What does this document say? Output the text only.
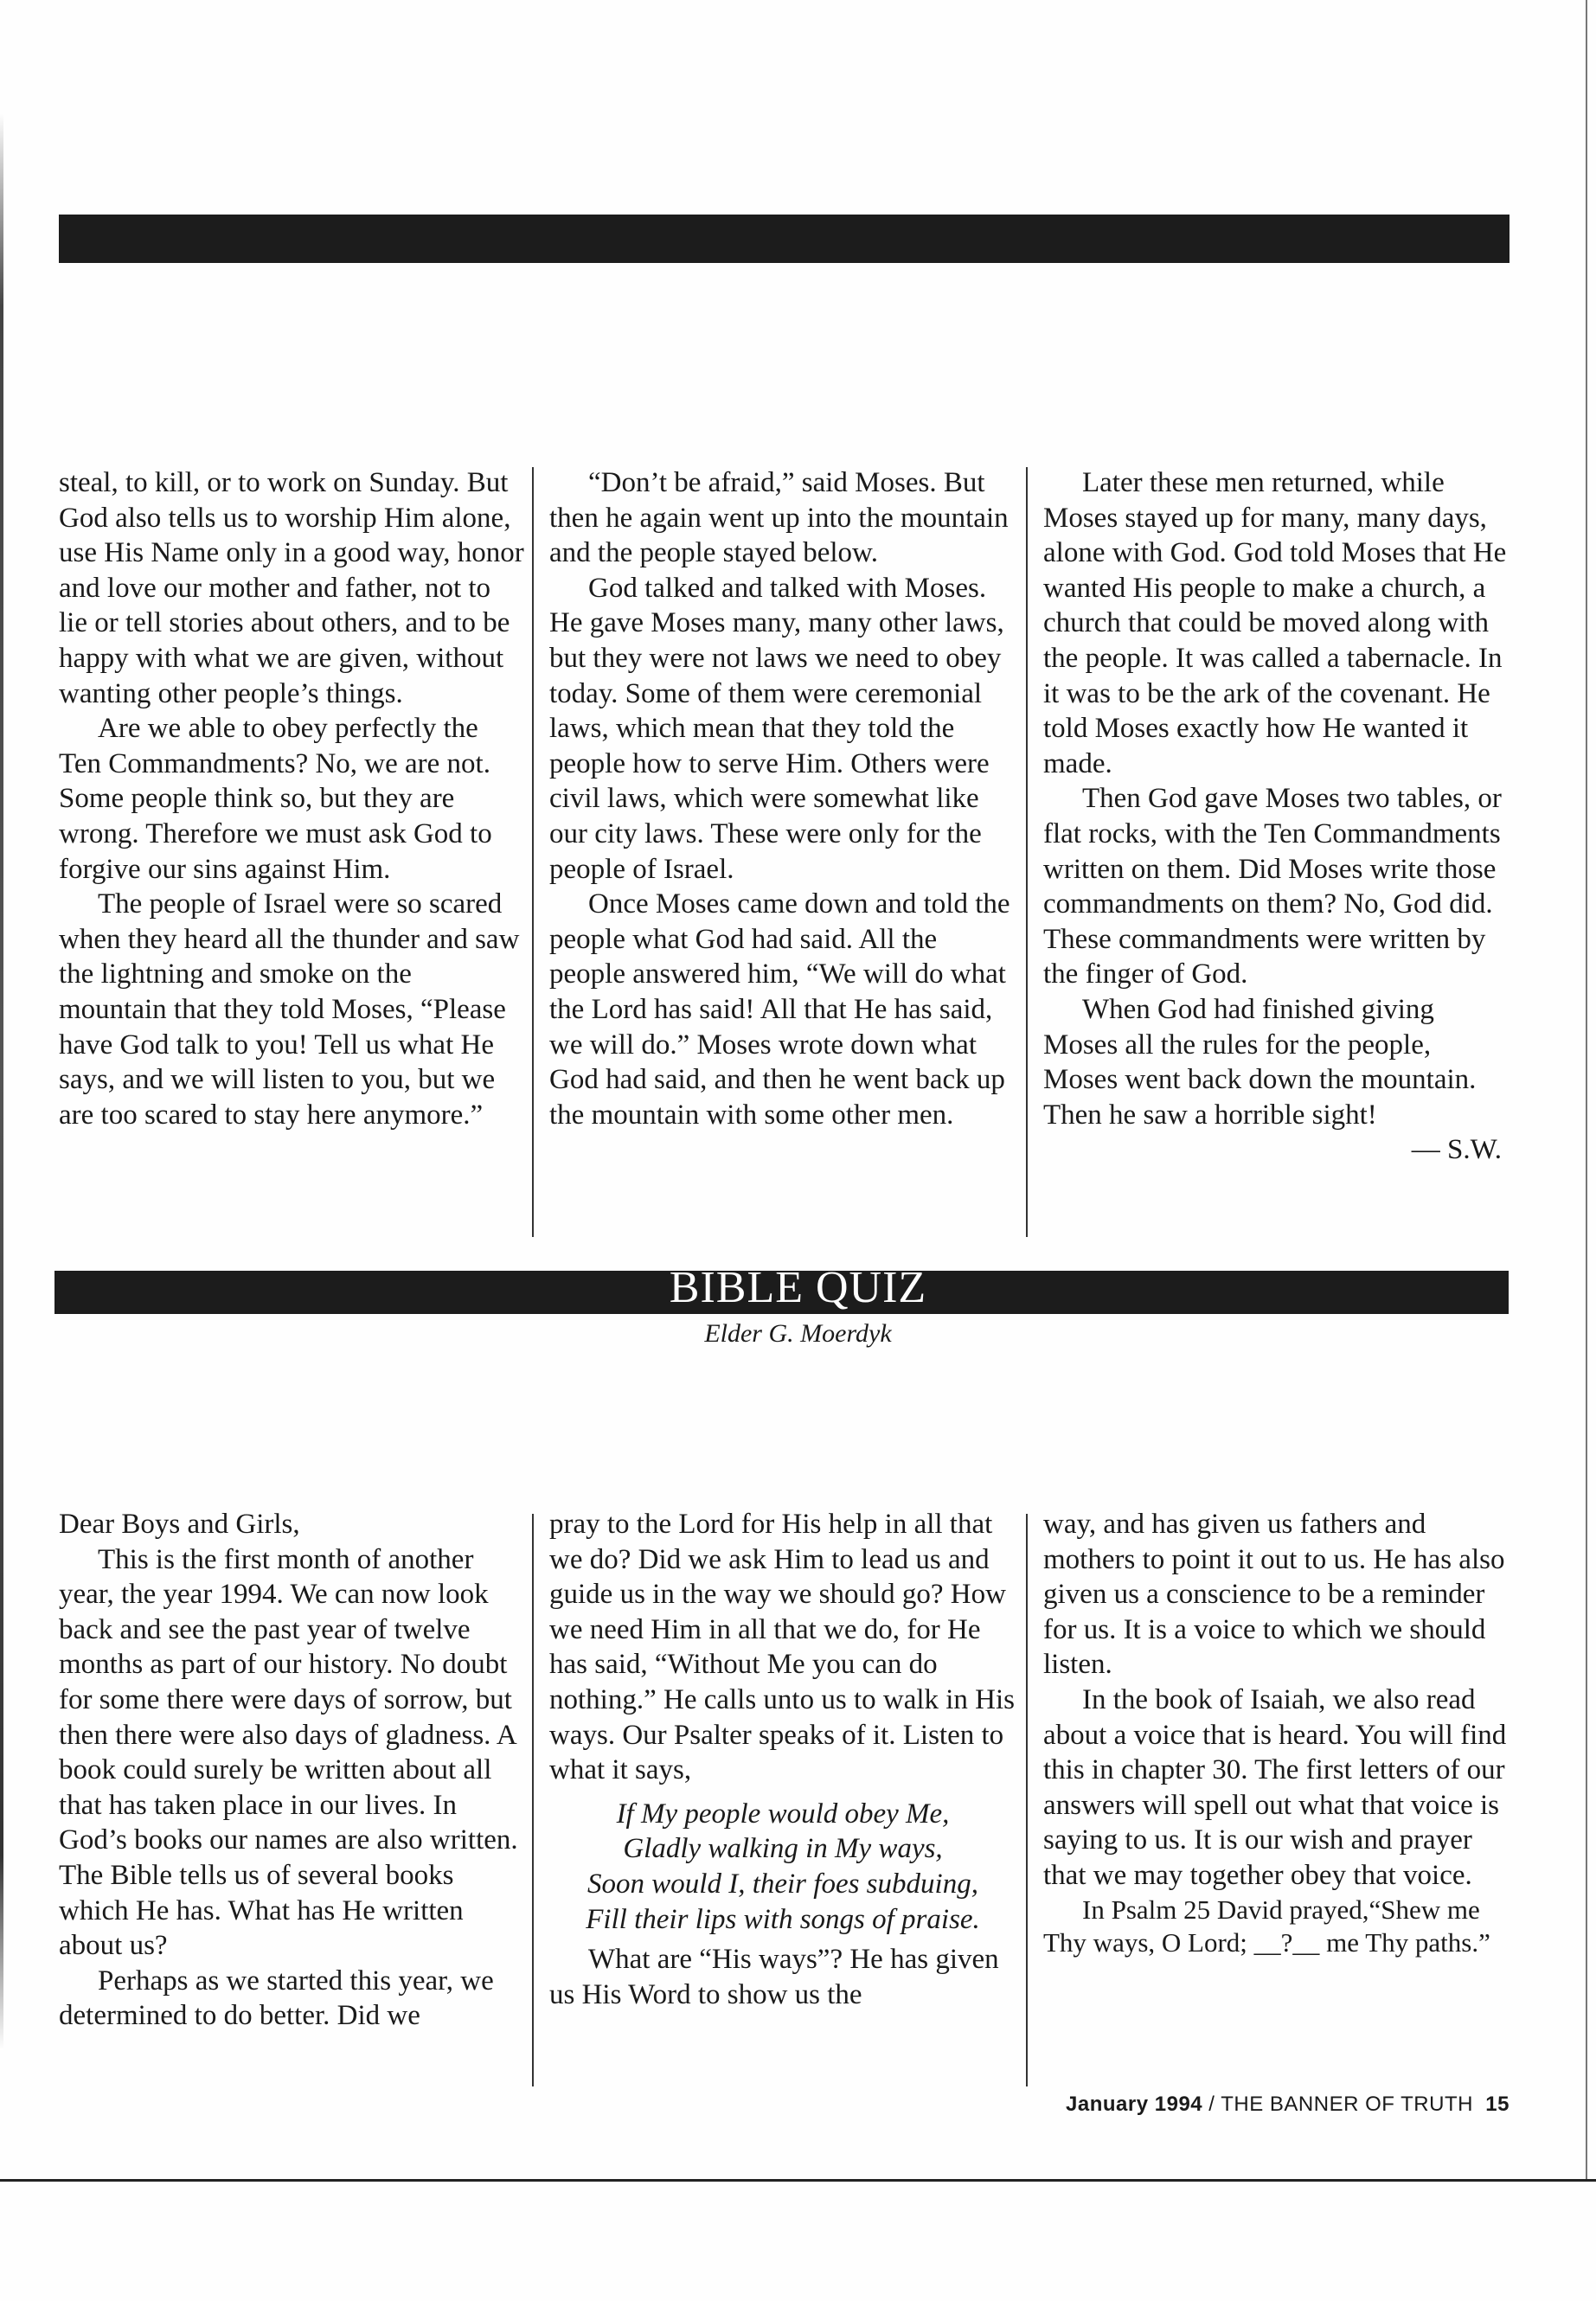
steal, to kill, or to work on Sunday. But God also tells us to worship Him alone, use His Name only in a good way, honor and love our mother and father, not to lie or tell stories about others, and to be happy with what we are given, without wanting other people’s things.

Are we able to obey perfectly the Ten Commandments? No, we are not. Some people think so, but they are wrong. Therefore we must ask God to forgive our sins against Him.

The people of Israel were so scared when they heard all the thunder and saw the lightning and smoke on the mountain that they told Moses, “Please have God talk to you! Tell us what He says, and we will listen to you, but we are too scared to stay here anymore.”

“Don’t be afraid,” said Moses. But then he again went up into the mountain and the people stayed below.

God talked and talked with Moses. He gave Moses many, many other laws, but they were not laws we need to obey today. Some of them were ceremonial laws, which mean that they told the people how to serve Him. Others were civil laws, which were somewhat like our city laws. These were only for the people of Israel.

Once Moses came down and told the people what God had said. All the people answered him, “We will do what the Lord has said! All that He has said, we will do.” Moses wrote down what God had said, and then he went back up the mountain with some other men.

Later these men returned, while Moses stayed up for many, many days, alone with God. God told Moses that He wanted His people to make a church, a church that could be moved along with the people. It was called a tabernacle. In it was to be the ark of the covenant. He told Moses exactly how He wanted it made.

Then God gave Moses two tables, or flat rocks, with the Ten Commandments written on them. Did Moses write those commandments on them? No, God did. These commandments were written by the finger of God.

When God had finished giving Moses all the rules for the people, Moses went back down the mountain. Then he saw a horrible sight!

— S.W.

BIBLE QUIZ
Elder G. Moerdyk

Dear Boys and Girls,

This is the first month of another year, the year 1994. We can now look back and see the past year of twelve months as part of our history. No doubt for some there were days of sorrow, but then there were also days of gladness. A book could surely be written about all that has taken place in our lives. In God’s books our names are also written. The Bible tells us of several books which He has. What has He written about us?

Perhaps as we started this year, we determined to do better. Did we

pray to the Lord for His help in all that we do? Did we ask Him to lead us and guide us in the way we should go? How we need Him in all that we do, for He has said, “Without Me you can do nothing.” He calls unto us to walk in His ways. Our Psalter speaks of it. Listen to what it says,

If My people would obey Me,

Gladly walking in My ways,

Soon would I, their foes subduing,

Fill their lips with songs of praise.

What are “His ways”? He has given us His Word to show us the

way, and has given us fathers and mothers to point it out to us. He has also given us a conscience to be a reminder for us. It is a voice to which we should listen.

In the book of Isaiah, we also read about a voice that is heard. You will find this in chapter 30. The first letters of our answers will spell out what that voice is saying to us. It is our wish and prayer that we may together obey that voice.

In Psalm 25 David prayed,“Shew me Thy ways, O Lord; __?__ me Thy paths.”

January 1994 / THE BANNER OF TRUTH 15
